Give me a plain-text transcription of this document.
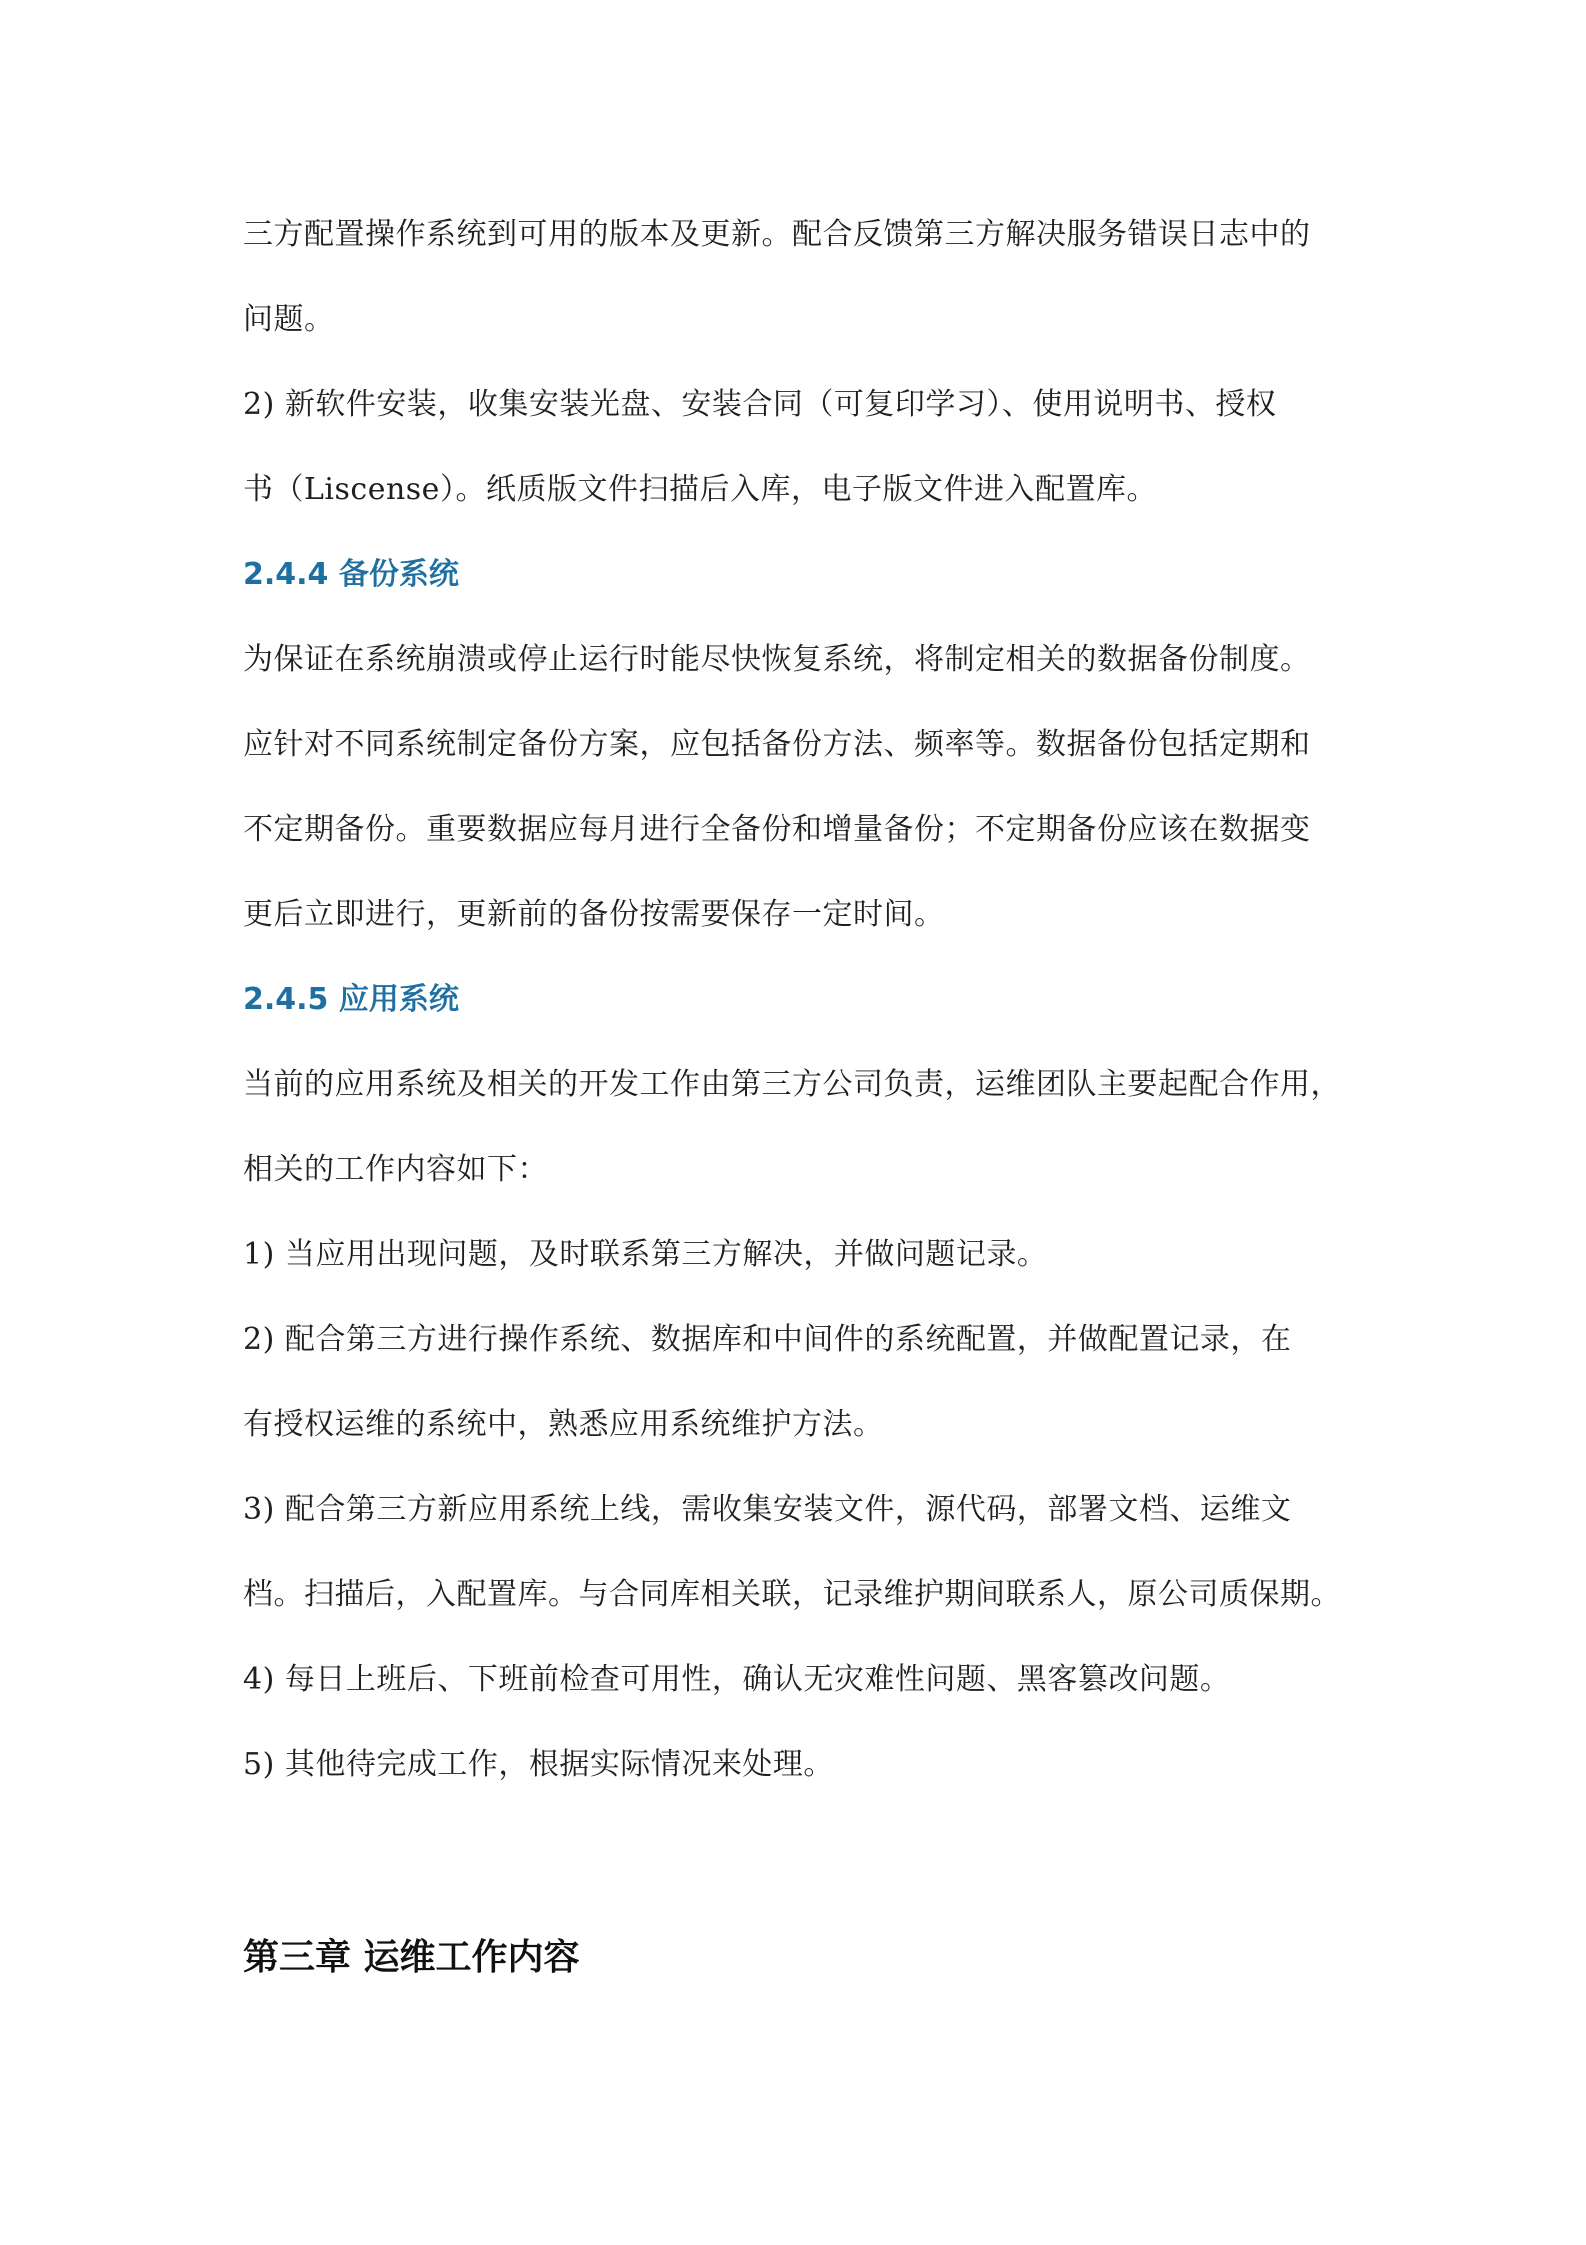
三方配置操作系统到可用的版本及更新。配合反馈第三方解决服务错误日志中的
问题。
2) 新软件安装，收集安装光盘、安装合同（可复印学习）、使用说明书、授权
书（Liscense）。纸质版文件扫描后入库，电子版文件进入配置库。
2.4.4 备份系统
为保证在系统崩溃或停止运行时能尽快恢复系统，将制定相关的数据备份制度。
应针对不同系统制定备份方案，应包括备份方法、频率等。数据备份包括定期和
不定期备份。重要数据应每月进行全备份和增量备份；不定期备份应该在数据变
更后立即进行，更新前的备份按需要保存一定时间。
2.4.5 应用系统
当前的应用系统及相关的开发工作由第三方公司负责，运维团队主要起配合作用，
相关的工作内容如下：
1) 当应用出现问题，及时联系第三方解决，并做问题记录。
2) 配合第三方进行操作系统、数据库和中间件的系统配置，并做配置记录，在
有授权运维的系统中，熟悉应用系统维护方法。
3) 配合第三方新应用系统上线，需收集安装文件，源代码，部署文档、运维文
档。扫描后，入配置库。与合同库相关联，记录维护期间联系人，原公司质保期。
4) 每日上班后、下班前检查可用性，确认无灾难性问题、黑客篡改问题。
5) 其他待完成工作，根据实际情况来处理。
第三章 运维工作内容
